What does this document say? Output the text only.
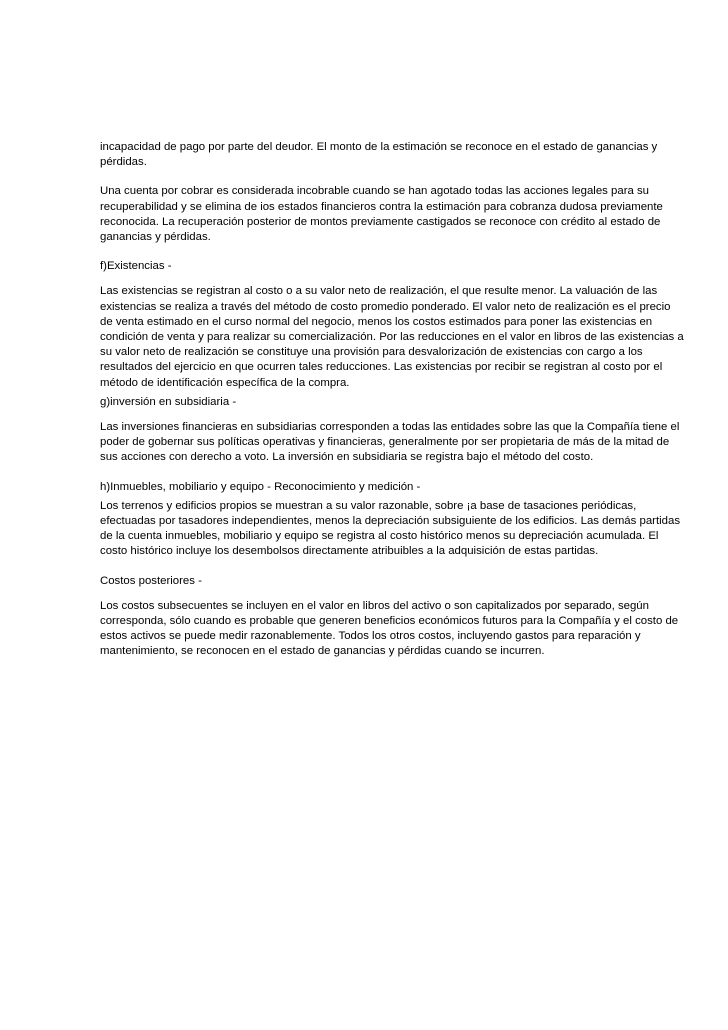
incapacidad de pago por parte del deudor. El monto de la estimación se reconoce en el estado de ganancias y
pérdidas.

Una cuenta por cobrar es considerada incobrable cuando se han agotado todas las acciones legales para su
recuperabilidad y se elimina de ios estados financieros contra la estimación para cobranza dudosa previamente
reconocida. La recuperación posterior de montos previamente castigados se reconoce con crédito al estado de
ganancias y pérdidas.

f)Existencias -

Las existencias se registran al costo o a su valor neto de realización, el que resulte menor. La valuación de las
existencias se realiza a través del método de costo promedio ponderado. El valor neto de realización es el precio
de venta estimado en el curso normal del negocio, menos los costos estimados para poner las existencias en
condición de venta y para realizar su comercialización. Por las reducciones en el valor en libros de las existencias a
su valor neto de realización se constituye una provisión para desvalorización de existencias con cargo a los
resultados del ejercicio en que ocurren tales reducciones. Las existencias por recibir se registran al costo por el
método de identificación específica de la compra.

g)inversión en subsidiaria -

Las inversiones financieras en subsidiarias corresponden a todas las entidades sobre las que la Compañía tiene el
poder de gobernar sus políticas operativas y financieras, generalmente por ser propietaria de más de la mitad de
sus acciones con derecho a voto. La inversión en subsidiaria se registra bajo el método del costo.

h)Inmuebles, mobiliario y equipo - Reconocimiento y medición -

Los terrenos y edificios propios se muestran a su valor razonable, sobre ¡a base de tasaciones periódicas,
efectuadas por tasadores independientes, menos la depreciación subsiguiente de los edificios. Las demás partidas
de la cuenta inmuebles, mobiliario y equipo se registra al costo histórico menos su depreciación acumulada. El
costo histórico incluye los desembolsos directamente atribuibles a la adquisición de estas partidas.

Costos posteriores -

Los costos subsecuentes se incluyen en el valor en libros del activo o son capitalizados por separado, según
corresponda, sólo cuando es probable que generen beneficios económicos futuros para la Compañía y el costo de
estos activos se puede medir razonablemente. Todos los otros costos, incluyendo gastos para reparación y
mantenimiento, se reconocen en el estado de ganancias y pérdidas cuando se incurren.
